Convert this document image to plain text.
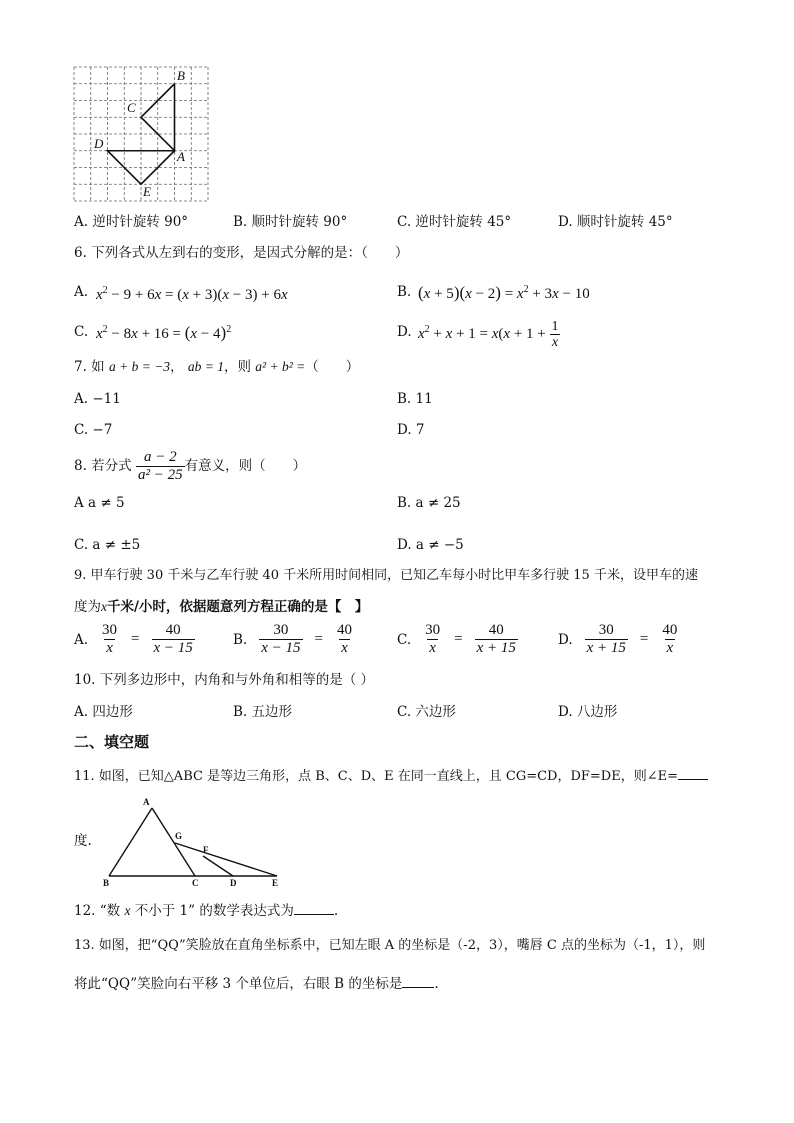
B
C
D
A
E
A. 逆时针旋转 90°	B. 顺时针旋转 90°	C. 逆时针旋转 45°	D. 顺时针旋转 45°
6. 下列各式从左到右的变形，是因式分解的是：（　　）
A. $x^2 - 9 + 6x = (x + 3)(x - 3) + 6x$	B. $(x + 5)(x - 2) = x^2 + 3x - 10$
C. $x^2 - 8x + 16 = (x - 4)^2$	D. $x^2 + x + 1 = x(x + 1 + \frac{1}{x}$
7. 如 a + b = −3， ab = 1，则 a² + b² =（　　）
A. −11	B. 11
C. −7	D. 7
8. 若分式 $\frac{a - 2}{\text{a² − 25}}$ 有意义，则（　　）
A a ≠ 5	B. a ≠ 25
C. a ≠ ±5	D. a ≠ −5
9. 甲车行驶 30 千米与乙车行驶 40 千米所用时间相同，已知乙车每小时比甲车多行驶 15 千米，设甲车的速
度为x千米/小时，依据题意列方程正确的是【　】
A. $\frac{30}{x} = \frac{40}{x - 15}$	B. $\frac{30}{x - 15} = \frac{40}{x}$	C. $\frac{30}{x} = \frac{40}{x + 15}$	D. $\frac{30}{x + 15} = \frac{40}{x}$
10. 下列多边形中，内角和与外角和相等的是（ ）
A. 四边形	B. 五边形	C. 六边形	D. 八边形
二、填空题
11. 如图，已知△ABC 是等边三角形，点 B、C、D、E 在同一直线上，且 CG=CD，DF=DE，则∠E=
度.
A
G
F
B	C	D	E
12. “数 x 不小于 1” 的数学表达式为	.
13. 如图，把“QQ”笑脸放在直角坐标系中，已知左眼 A 的坐标是（-2，3），嘴唇 C 点的坐标为（-1，1），则
将此“QQ”笑脸向右平移 3 个单位后，右眼 B 的坐标是 .
